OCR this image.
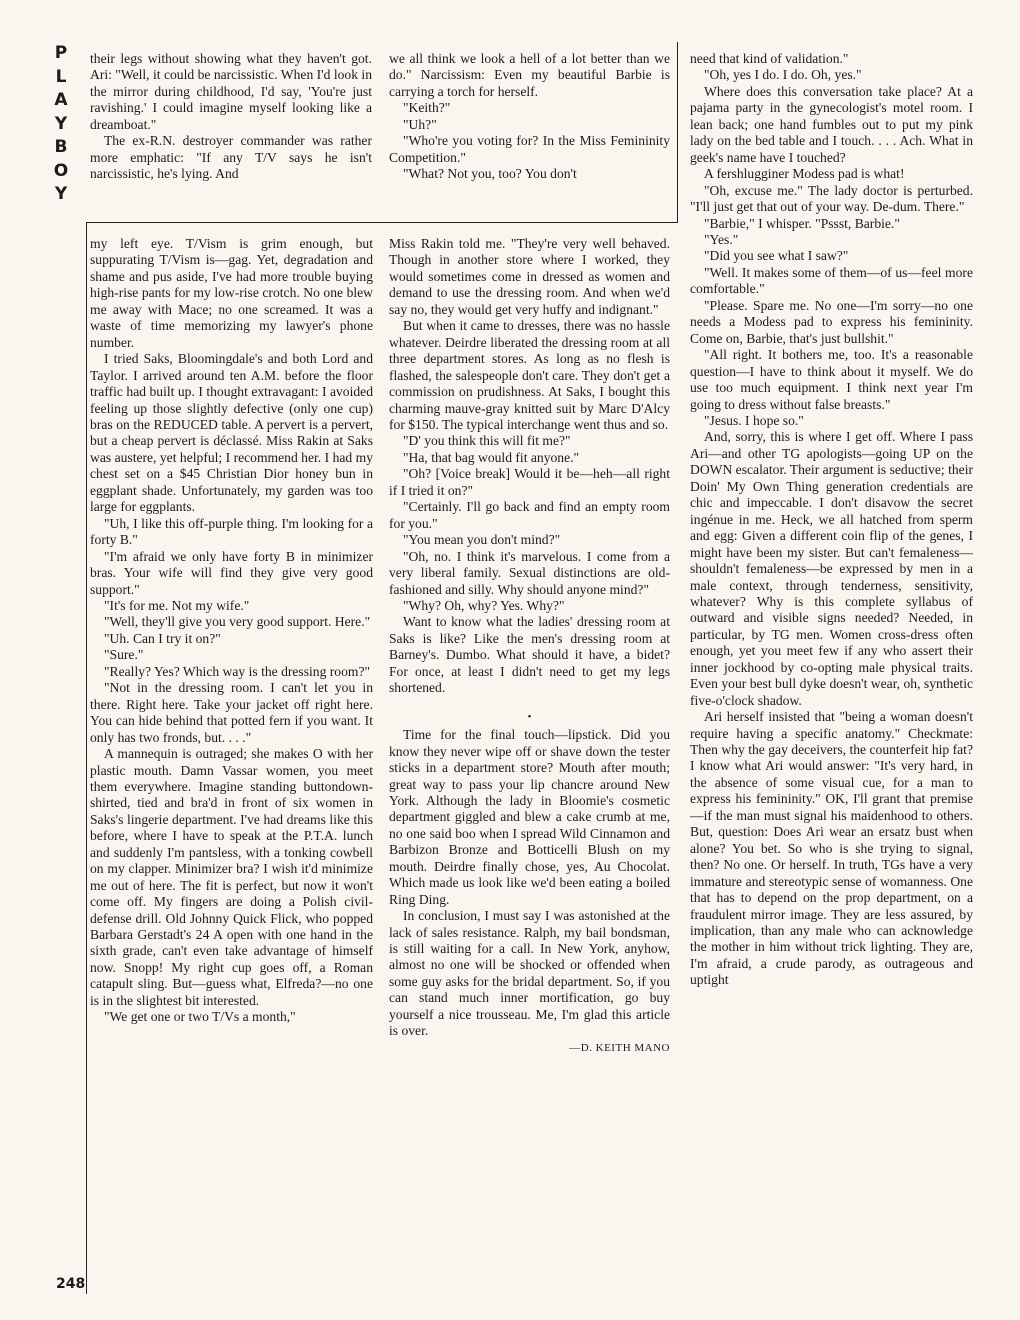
P
L
A
Y
B
O
Y

their legs without showing what they haven't got. Ari: "Well, it could be narcissistic. When I'd look in the mirror during childhood, I'd say, 'You're just ravishing.' I could imagine myself looking like a dreamboat."

The ex-R.N. destroyer commander was rather more emphatic: "If any T/V says he isn't narcissistic, he's lying. And

we all think we look a hell of a lot better than we do." Narcissism: Even my beautiful Barbie is carrying a torch for herself.

"Keith?"

"Uh?"

"Who're you voting for? In the Miss Femininity Competition."

"What? Not you, too? You don't

my left eye. T/Vism is grim enough, but suppurating T/Vism is—gag. Yet, degradation and shame and pus aside, I've had more trouble buying high-rise pants for my low-rise crotch. No one blew me away with Mace; no one screamed. It was a waste of time memorizing my lawyer's phone number.

I tried Saks, Bloomingdale's and both Lord and Taylor. I arrived around ten A.M. before the floor traffic had built up. I thought extravagant: I avoided feeling up those slightly defective (only one cup) bras on the REDUCED table. A pervert is a pervert, but a cheap pervert is déclassé. Miss Rakin at Saks was austere, yet helpful; I recommend her. I had my chest set on a $45 Christian Dior honey bun in eggplant shade. Unfortunately, my garden was too large for eggplants.

"Uh, I like this off-purple thing. I'm looking for a forty B."

"I'm afraid we only have forty B in minimizer bras. Your wife will find they give very good support."

"It's for me. Not my wife."

"Well, they'll give you very good support. Here."

"Uh. Can I try it on?"

"Sure."

"Really? Yes? Which way is the dressing room?"

"Not in the dressing room. I can't let you in there. Right here. Take your jacket off right here. You can hide behind that potted fern if you want. It only has two fronds, but. . . ."

A mannequin is outraged; she makes O with her plastic mouth. Damn Vassar women, you meet them everywhere. Imagine standing buttondown-shirted, tied and bra'd in front of six women in Saks's lingerie department. I've had dreams like this before, where I have to speak at the P.T.A. lunch and suddenly I'm pantsless, with a tonking cowbell on my clapper. Minimizer bra? I wish it'd minimize me out of here. The fit is perfect, but now it won't come off. My fingers are doing a Polish civil-defense drill. Old Johnny Quick Flick, who popped Barbara Gerstadt's 24 A open with one hand in the sixth grade, can't even take advantage of himself now. Snopp! My right cup goes off, a Roman catapult sling. But—guess what, Elfreda?—no one is in the slightest bit interested.

"We get one or two T/Vs a month,"

Miss Rakin told me. "They're very well behaved. Though in another store where I worked, they would sometimes come in dressed as women and demand to use the dressing room. And when we'd say no, they would get very huffy and indignant."

But when it came to dresses, there was no hassle whatever. Deirdre liberated the dressing room at all three department stores. As long as no flesh is flashed, the salespeople don't care. They don't get a commission on prudishness. At Saks, I bought this charming mauve-gray knitted suit by Marc D'Alcy for $150. The typical interchange went thus and so.

"D' you think this will fit me?"

"Ha, that bag would fit anyone."

"Oh? [Voice break] Would it be—heh—all right if I tried it on?"

"Certainly. I'll go back and find an empty room for you."

"You mean you don't mind?"

"Oh, no. I think it's marvelous. I come from a very liberal family. Sexual distinctions are old-fashioned and silly. Why should anyone mind?"

"Why? Oh, why? Yes. Why?"

Want to know what the ladies' dressing room at Saks is like? Like the men's dressing room at Barney's. Dumbo. What should it have, a bidet? For once, at least I didn't need to get my legs shortened.

•

Time for the final touch—lipstick. Did you know they never wipe off or shave down the tester sticks in a department store? Mouth after mouth; great way to pass your lip chancre around New York. Although the lady in Bloomie's cosmetic department giggled and blew a cake crumb at me, no one said boo when I spread Wild Cinnamon and Barbizon Bronze and Botticelli Blush on my mouth. Deirdre finally chose, yes, Au Chocolat. Which made us look like we'd been eating a boiled Ring Ding.

In conclusion, I must say I was astonished at the lack of sales resistance. Ralph, my bail bondsman, is still waiting for a call. In New York, anyhow, almost no one will be shocked or offended when some guy asks for the bridal department. So, if you can stand much inner mortification, go buy yourself a nice trousseau. Me, I'm glad this article is over.

—D. KEITH MANO

need that kind of validation."

"Oh, yes I do. I do. Oh, yes."

Where does this conversation take place? At a pajama party in the gynecologist's motel room. I lean back; one hand fumbles out to put my pink lady on the bed table and I touch. . . . Ach. What in geek's name have I touched?

A fershlugginer Modess pad is what!

"Oh, excuse me." The lady doctor is perturbed. "I'll just get that out of your way. De-dum. There."

"Barbie," I whisper. "Pssst, Barbie."

"Yes."

"Did you see what I saw?"

"Well. It makes some of them—of us—feel more comfortable."

"Please. Spare me. No one—I'm sorry—no one needs a Modess pad to express his femininity. Come on, Barbie, that's just bullshit."

"All right. It bothers me, too. It's a reasonable question—I have to think about it myself. We do use too much equipment. I think next year I'm going to dress without false breasts."

"Jesus. I hope so."

And, sorry, this is where I get off. Where I pass Ari—and other TG apologists—going UP on the DOWN escalator. Their argument is seductive; their Doin' My Own Thing generation credentials are chic and impeccable. I don't disavow the secret ingénue in me. Heck, we all hatched from sperm and egg: Given a different coin flip of the genes, I might have been my sister. But can't femaleness—shouldn't femaleness—be expressed by men in a male context, through tenderness, sensitivity, whatever? Why is this complete syllabus of outward and visible signs needed? Needed, in particular, by TG men. Women cross-dress often enough, yet you meet few if any who assert their inner jockhood by co-opting male physical traits. Even your best bull dyke doesn't wear, oh, synthetic five-o'clock shadow.

Ari herself insisted that "being a woman doesn't require having a specific anatomy." Checkmate: Then why the gay deceivers, the counterfeit hip fat? I know what Ari would answer: "It's very hard, in the absence of some visual cue, for a man to express his femininity." OK, I'll grant that premise—if the man must signal his maidenhood to others. But, question: Does Ari wear an ersatz bust when alone? You bet. So who is she trying to signal, then? No one. Or herself. In truth, TGs have a very immature and stereotypic sense of womanness. One that has to depend on the prop department, on a fraudulent mirror image. They are less assured, by implication, than any male who can acknowledge the mother in him without trick lighting. They are, I'm afraid, a crude parody, as outrageous and uptight

248
